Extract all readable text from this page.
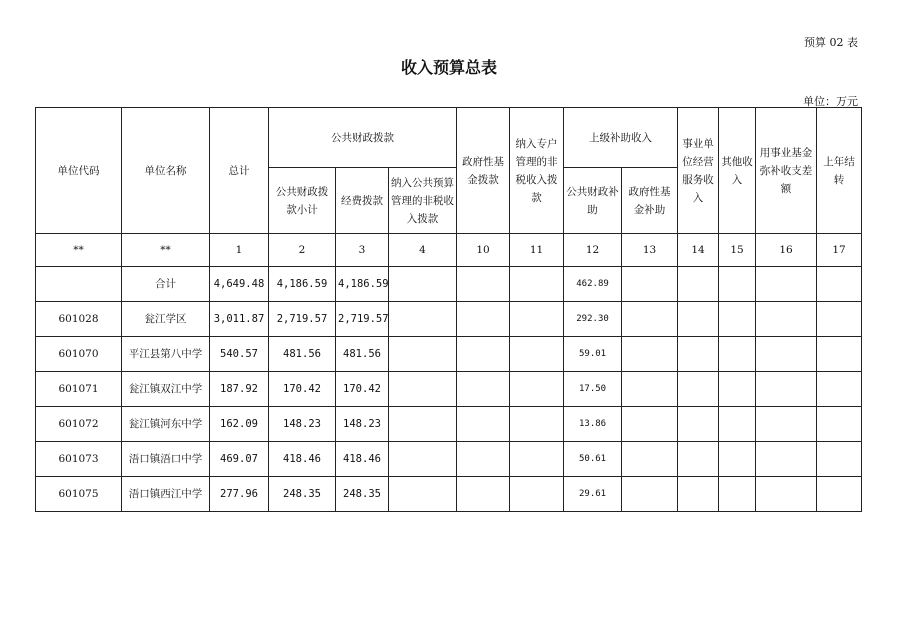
预算 02 表
收入预算总表
单位：万元
单位代码	单位名称	总计	公共财政拨款			政府性基金拨款	纳入专户管理的非税收入拨款	上级补助收入		事业单位经营服务收入	其他收入	用事业基金弥补收支差额	上年结转
			公共财政拨款小计	经费拨款	纳入公共预算管理的非税收入拨款			公共财政补助	政府性基金补助				
**	**	1	2	3	4	10	11	12	13	14	15	16	17
	合计	4,649.48	4,186.59	4,186.59				462.89					
601028	瓮江学区	3,011.87	2,719.57	2,719.57				292.30					
601070	平江县第八中学	540.57	481.56	481.56				59.01					
601071	瓮江镇双江中学	187.92	170.42	170.42				17.50					
601072	瓮江镇河东中学	162.09	148.23	148.23				13.86					
601073	浯口镇浯口中学	469.07	418.46	418.46				50.61					
601075	浯口镇西江中学	277.96	248.35	248.35				29.61					
